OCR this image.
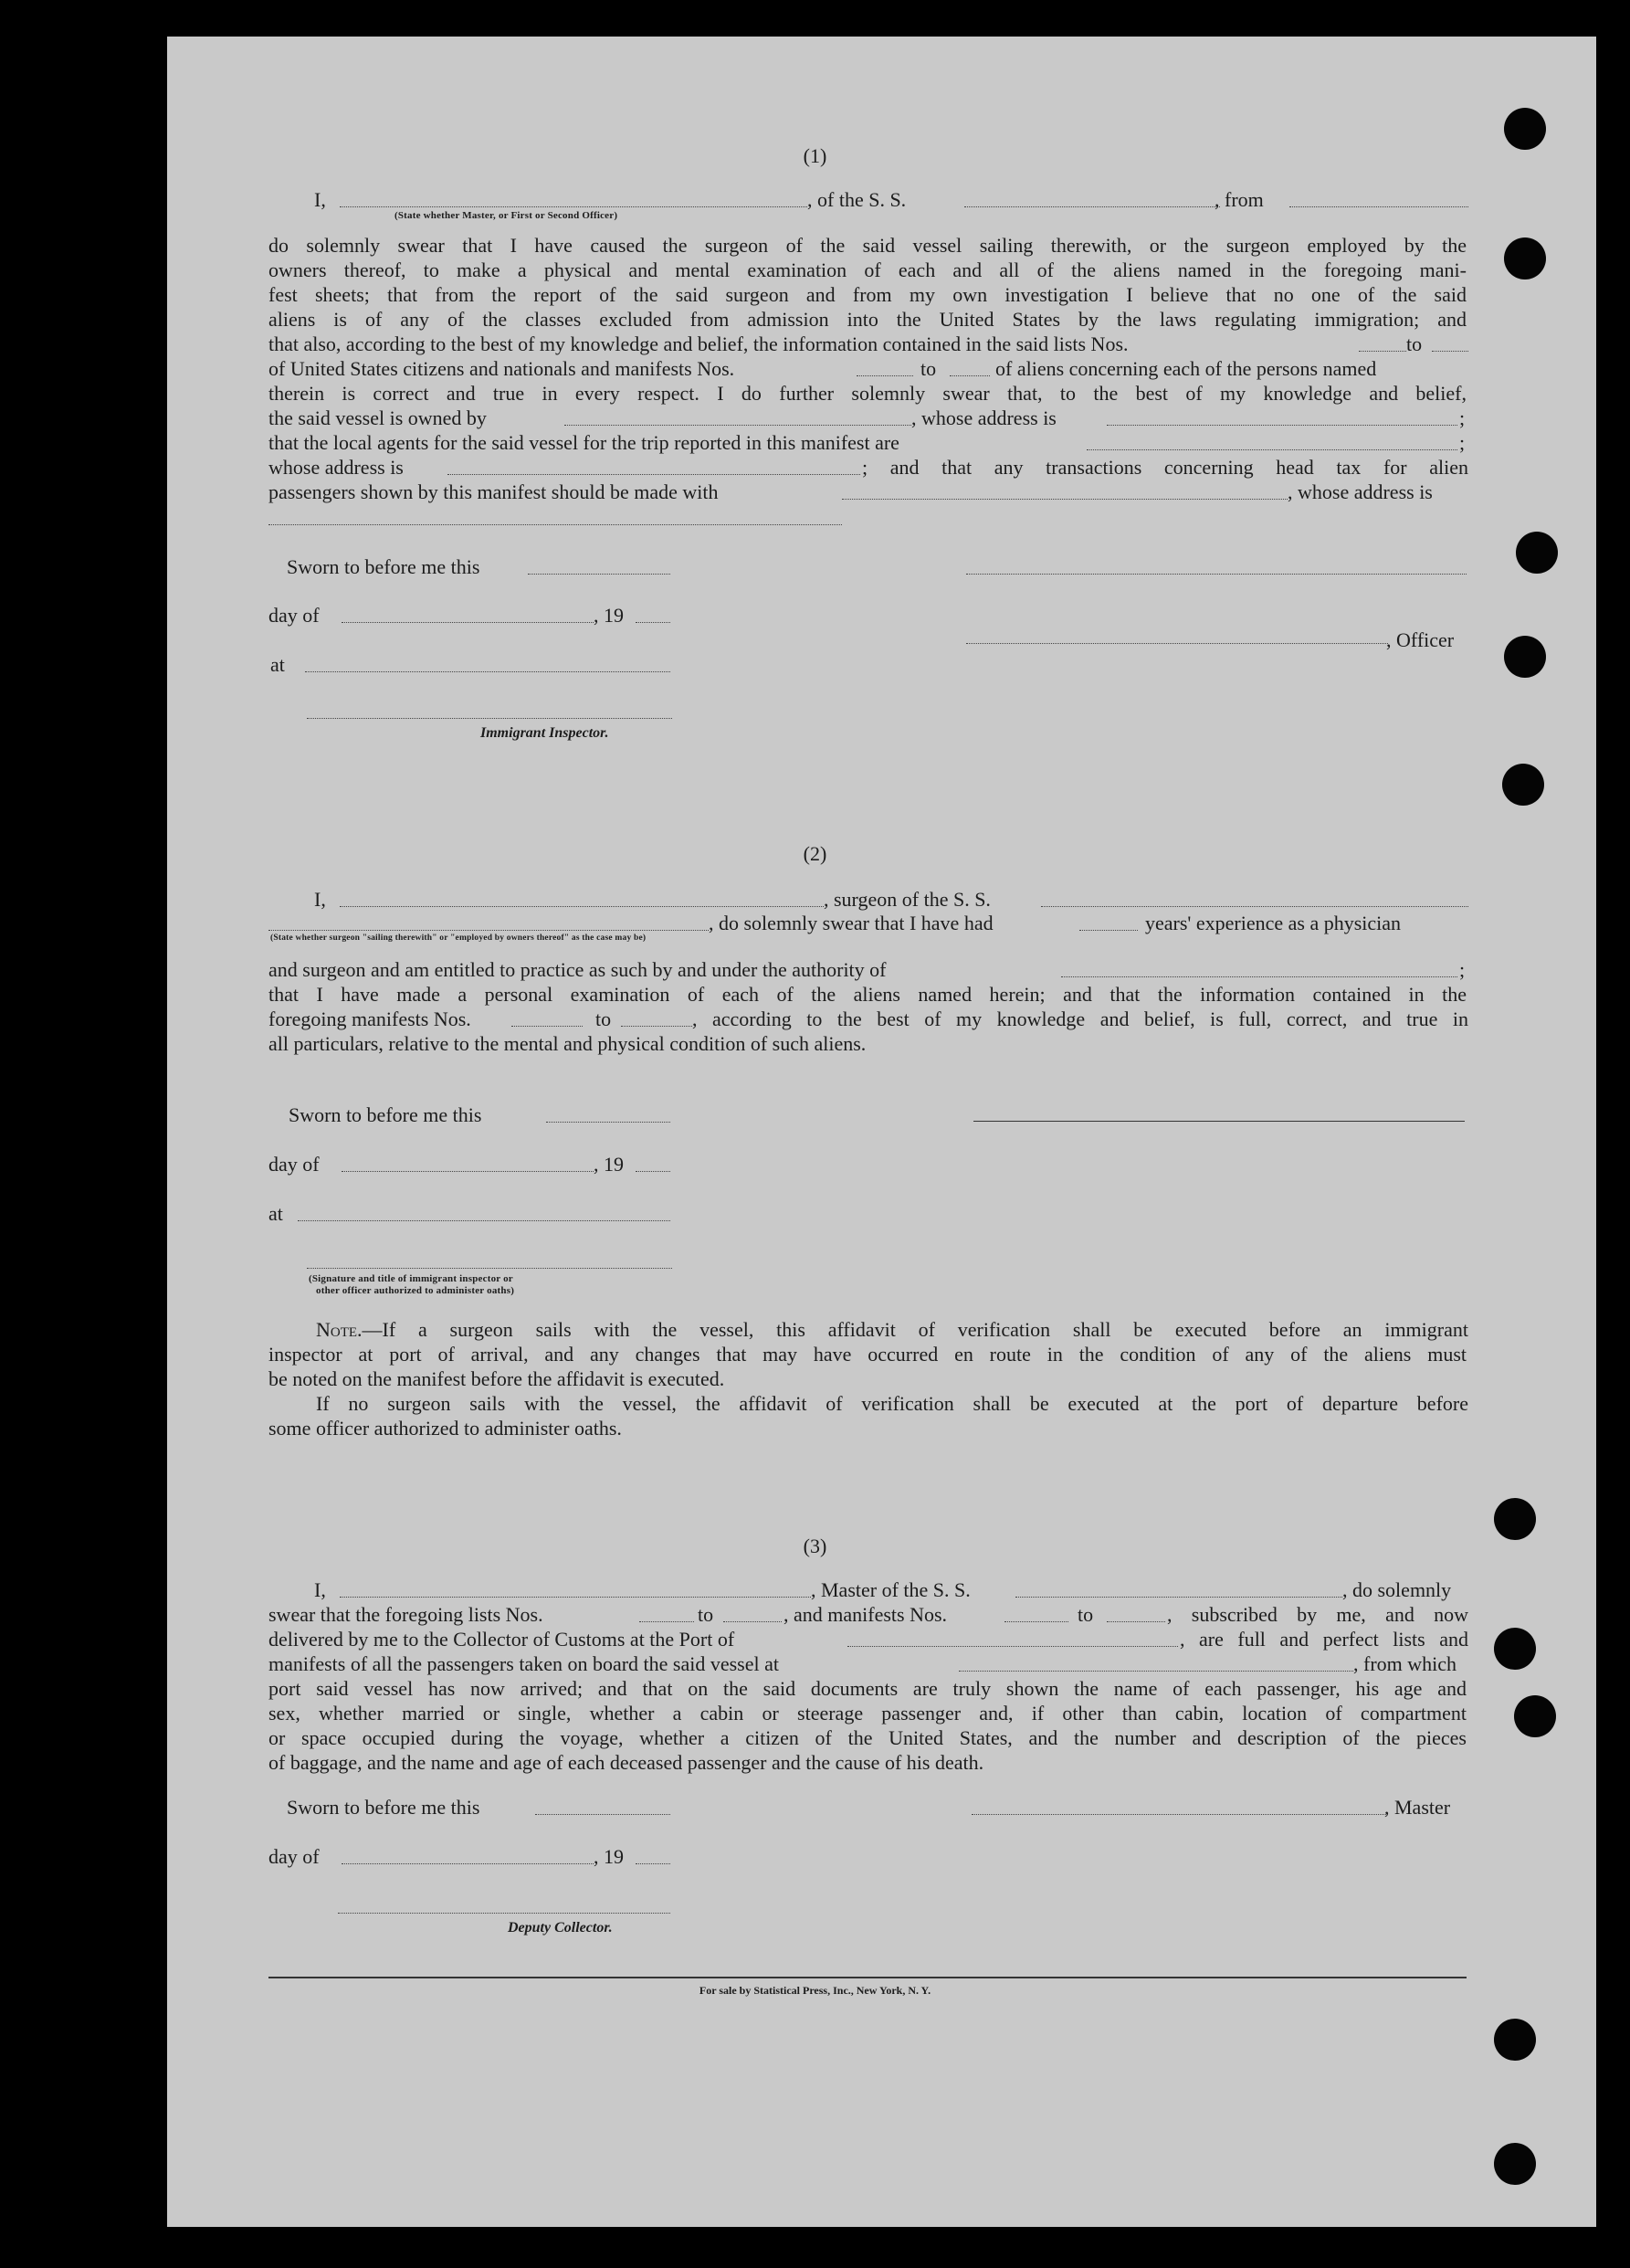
(1)
I,	, of the S. S.	, from
(State whether Master, or First or Second Officer)
do solemnly swear that I have caused the surgeon of the said vessel sailing therewith, or the surgeon employed by the
owners thereof, to make a physical and mental examination of each and all of the aliens named in the foregoing mani-
fest sheets; that from the report of the said surgeon and from my own investigation I believe that no one of the said
aliens is of any of the classes excluded from admission into the United States by the laws regulating immigration; and
that also, according to the best of my knowledge and belief, the information contained in the said lists Nos.	to
of United States citizens and nationals and manifests Nos.	to	of aliens concerning each of the persons named
therein is correct and true in every respect. I do further solemnly swear that, to the best of my knowledge and belief,
the said vessel is owned by	, whose address is	;
that the local agents for the said vessel for the trip reported in this manifest are	;
whose address is	; and that any transactions concerning head tax for alien
passengers shown by this manifest should be made with	, whose address is
Sworn to before me this
day of	, 19
, Officer
at
Immigrant Inspector.
(2)
I,	, surgeon of the S. S.
, do solemnly swear that I have had	years' experience as a physician
(State whether surgeon "sailing therewith" or "employed by owners thereof" as the case may be)
and surgeon and am entitled to practice as such by and under the authority of	;
that I have made a personal examination of each of the aliens named herein; and that the information contained in the
foregoing manifests Nos.	to	, according to the best of my knowledge and belief, is full, correct, and true in
all particulars, relative to the mental and physical condition of such aliens.
Sworn to before me this
day of	, 19
at
(Signature and title of immigrant inspector or
other officer authorized to administer oaths)
Note.—If a surgeon sails with the vessel, this affidavit of verification shall be executed before an immigrant
inspector at port of arrival, and any changes that may have occurred en route in the condition of any of the aliens must
be noted on the manifest before the affidavit is executed.
If no surgeon sails with the vessel, the affidavit of verification shall be executed at the port of departure before
some officer authorized to administer oaths.
(3)
I,	, Master of the S. S.	, do solemnly
swear that the foregoing lists Nos.	to	, and manifests Nos.	to	, subscribed by me, and now
delivered by me to the Collector of Customs at the Port of	, are full and perfect lists and
manifests of all the passengers taken on board the said vessel at	, from which
port said vessel has now arrived; and that on the said documents are truly shown the name of each passenger, his age and
sex, whether married or single, whether a cabin or steerage passenger and, if other than cabin, location of compartment
or space occupied during the voyage, whether a citizen of the United States, and the number and description of the pieces
of baggage, and the name and age of each deceased passenger and the cause of his death.
Sworn to before me this	, Master
day of	, 19
Deputy Collector.
For sale by Statistical Press, Inc., New York, N. Y.
